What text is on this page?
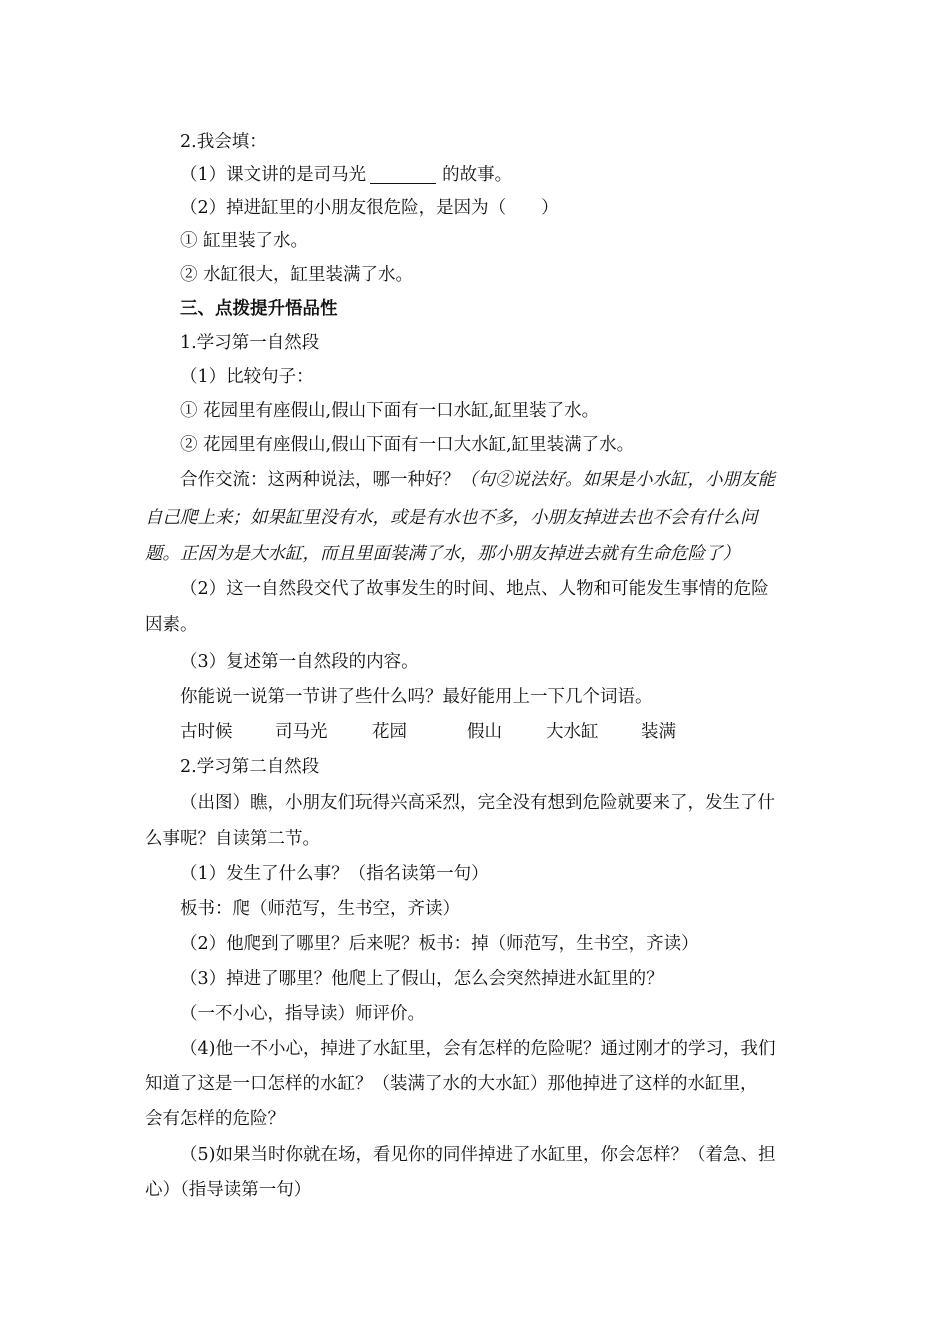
2.我会填：
（1）课文讲的是司马光	的故事。
（2）掉进缸里的小朋友很危险，是因为（　　）
① 缸里装了水。
② 水缸很大，缸里装满了水。
三、点拨提升悟品性
1.学习第一自然段
（1）比较句子：
① 花园里有座假山,假山下面有一口水缸,缸里装了水。
② 花园里有座假山,假山下面有一口大水缸,缸里装满了水。
合作交流：这两种说法，哪一种好？（句②说法好。如果是小水缸，小朋友能
自己爬上来；如果缸里没有水，或是有水也不多，小朋友掉进去也不会有什么问
题。正因为是大水缸，而且里面装满了水，那小朋友掉进去就有生命危险了）
（2）这一自然段交代了故事发生的时间、地点、人物和可能发生事情的危险
因素。
（3）复述第一自然段的内容。
你能说一说第一节讲了些什么吗？最好能用上一下几个词语。
古时候 司马光	花园	假山	大水缸 装满
2.学习第二自然段
（出图）瞧，小朋友们玩得兴高采烈，完全没有想到危险就要来了，发生了什
么事呢？自读第二节。
（1）发生了什么事？（指名读第一句）
板书：爬（师范写，生书空，齐读）
（2）他爬到了哪里？后来呢？板书：掉（师范写，生书空，齐读）
（3）掉进了哪里？他爬上了假山，怎么会突然掉进水缸里的？
（一不小心，指导读）师评价。
（4)他一不小心，掉进了水缸里，会有怎样的危险呢？通过刚才的学习，我们
知道了这是一口怎样的水缸？（装满了水的大水缸）那他掉进了这样的水缸里，
会有怎样的危险？
（5)如果当时你就在场，看见你的同伴掉进了水缸里，你会怎样？（着急、担
心）（指导读第一句）
